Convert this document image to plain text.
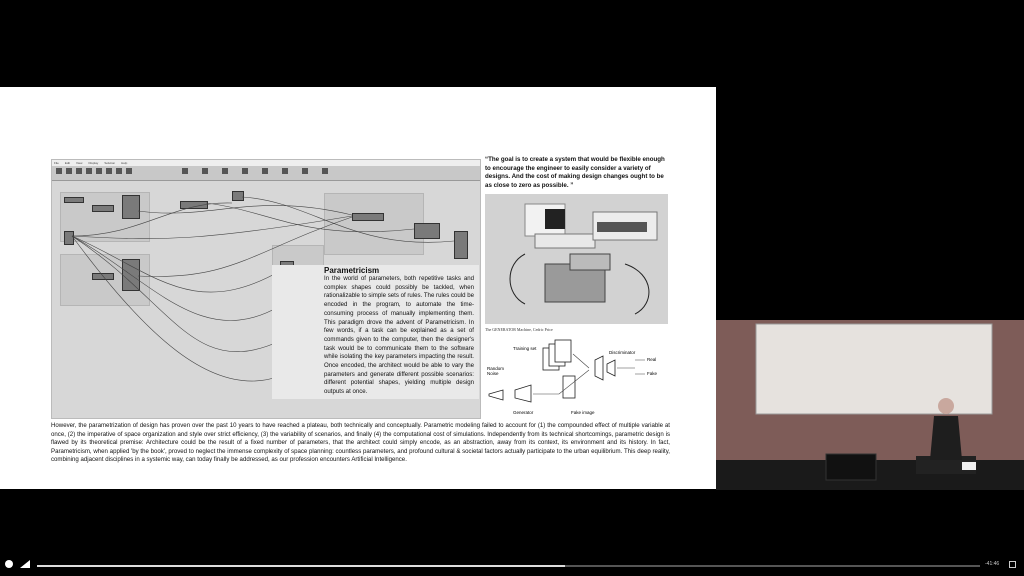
File Edit View Display Solution Help
Parametricism
In the world of parameters, both repetitive tasks and complex shapes could possibly be tackled, when rationalizable to simple sets of rules. The rules could be encoded in the program, to automate the time-consuming process of manually implementing them. This paradigm drove the advent of Parametricism. In few words, if a task can be explained as a set of commands given to the computer, then the designer's task would be to communicate them to the software while isolating the key parameters impacting the result. Once encoded, the architect would be able to vary the parameters and generate different possible scenarios: different potential shapes, yielding multiple design outputs at once.
“The goal is to create a system that would be flexible enough to encourage the engineer to easily consider a variety of designs. And the cost of making design changes ought to be as close to zero as possible. ”
The GENERATOR Machine, Cedric Price
Training set
Random Noise
Generator	Fake image
Discriminator
Real
Fake
However, the parametrization of design has proven over the past 10 years to have reached a plateau, both technically and conceptually. Parametric modeling failed to account for (1) the compounded effect of multiple variable at once, (2) the imperative of space organization and style over strict efficiency, (3) the variability of scenarios, and finally (4) the computational cost of simulations. Independently from its technical shortcomings, parametric design is flawed by its theoretical premise: Architecture could be the result of a fixed number of parameters, that the architect could simply encode, as an abstraction, away from its context, its environment and its history. In fact, Parametricism, when applied 'by the book', proved to neglect the immense complexity of space planning: countless parameters, and profound cultural & societal factors actually participate to the urban equilibrium. This deep reality, combining adjacent disciplines in a systemic way, can today finally be addressed, as our profession encounters Artificial Intelligence.
-41:46
